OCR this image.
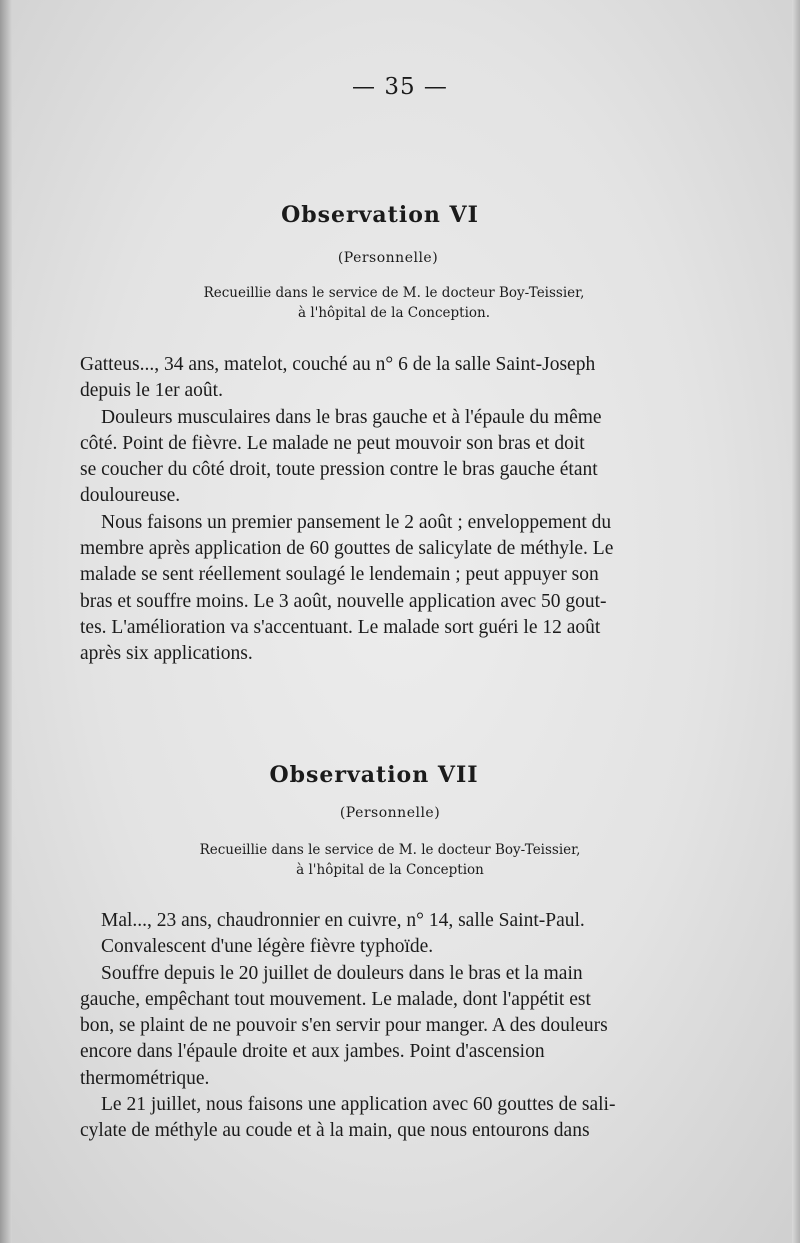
— 35 —
Observation VI
(Personnelle)
Recueillie dans le service de M. le docteur Boy-Teissier,
à l'hôpital de la Conception.

Gatteus..., 34 ans, matelot, couché au n° 6 de la salle Saint-Joseph

depuis le 1er août.

Douleurs musculaires dans le bras gauche et à l'épaule du même

côté. Point de fièvre. Le malade ne peut mouvoir son bras et doit

se coucher du côté droit, toute pression contre le bras gauche étant

douloureuse.

Nous faisons un premier pansement le 2 août ; enveloppement du

membre après application de 60 gouttes de salicylate de méthyle. Le

malade se sent réellement soulagé le lendemain ; peut appuyer son

bras et souffre moins. Le 3 août, nouvelle application avec 50 gout-

tes. L'amélioration va s'accentuant. Le malade sort guéri le 12 août

après six applications.

Observation VII
(Personnelle)
Recueillie dans le service de M. le docteur Boy-Teissier,
à l'hôpital de la Conception

Mal..., 23 ans, chaudronnier en cuivre, n° 14, salle Saint-Paul.

Convalescent d'une légère fièvre typhoïde.

Souffre depuis le 20 juillet de douleurs dans le bras et la main

gauche, empêchant tout mouvement. Le malade, dont l'appétit est

bon, se plaint de ne pouvoir s'en servir pour manger. A des douleurs

encore dans l'épaule droite et aux jambes. Point d'ascension

thermométrique.

Le 21 juillet, nous faisons une application avec 60 gouttes de sali-

cylate de méthyle au coude et à la main, que nous entourons dans
